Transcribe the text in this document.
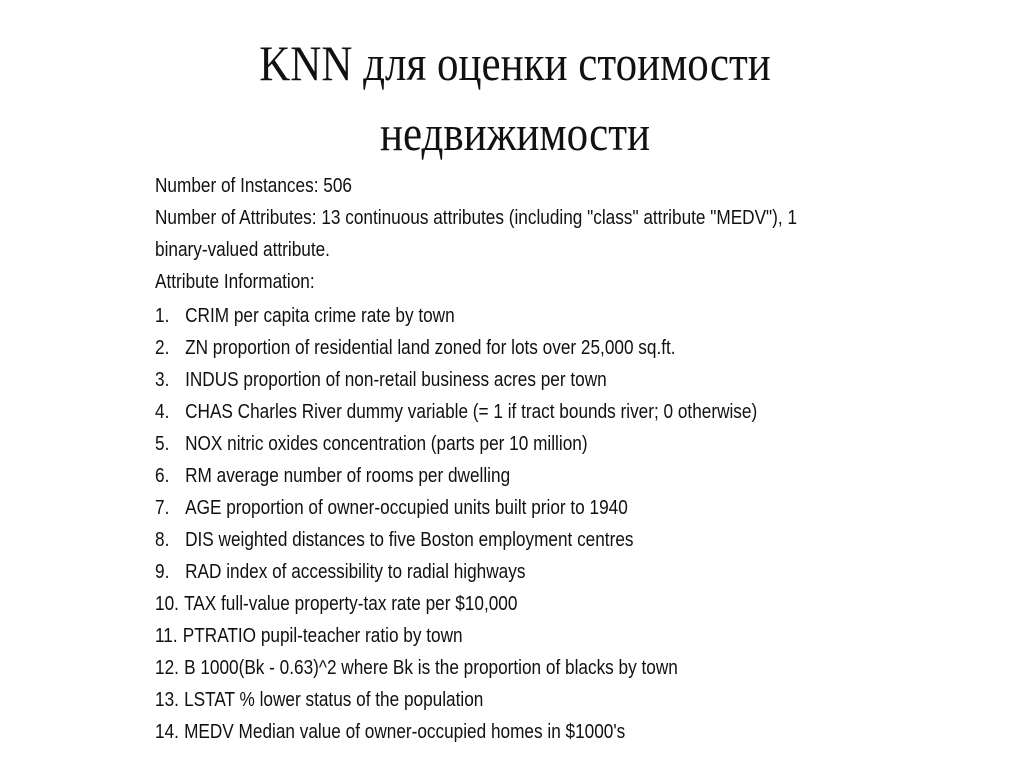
KNN для оценки стоимости
недвижимости
Number of Instances: 506
Number of Attributes: 13 continuous attributes (including "class" attribute "MEDV"), 1
binary-valued attribute.
Attribute Information:
1. CRIM per capita crime rate by town
2. ZN proportion of residential land zoned for lots over 25,000 sq.ft.
3. INDUS proportion of non-retail business acres per town
4. CHAS Charles River dummy variable (= 1 if tract bounds river; 0 otherwise)
5. NOX nitric oxides concentration (parts per 10 million)
6. RM average number of rooms per dwelling
7. AGE proportion of owner-occupied units built prior to 1940
8. DIS weighted distances to five Boston employment centres
9. RAD index of accessibility to radial highways
10. TAX full-value property-tax rate per $10,000
11. PTRATIO pupil-teacher ratio by town
12. B 1000(Bk - 0.63)^2 where Bk is the proportion of blacks by town
13. LSTAT % lower status of the population
14. MEDV Median value of owner-occupied homes in $1000's
